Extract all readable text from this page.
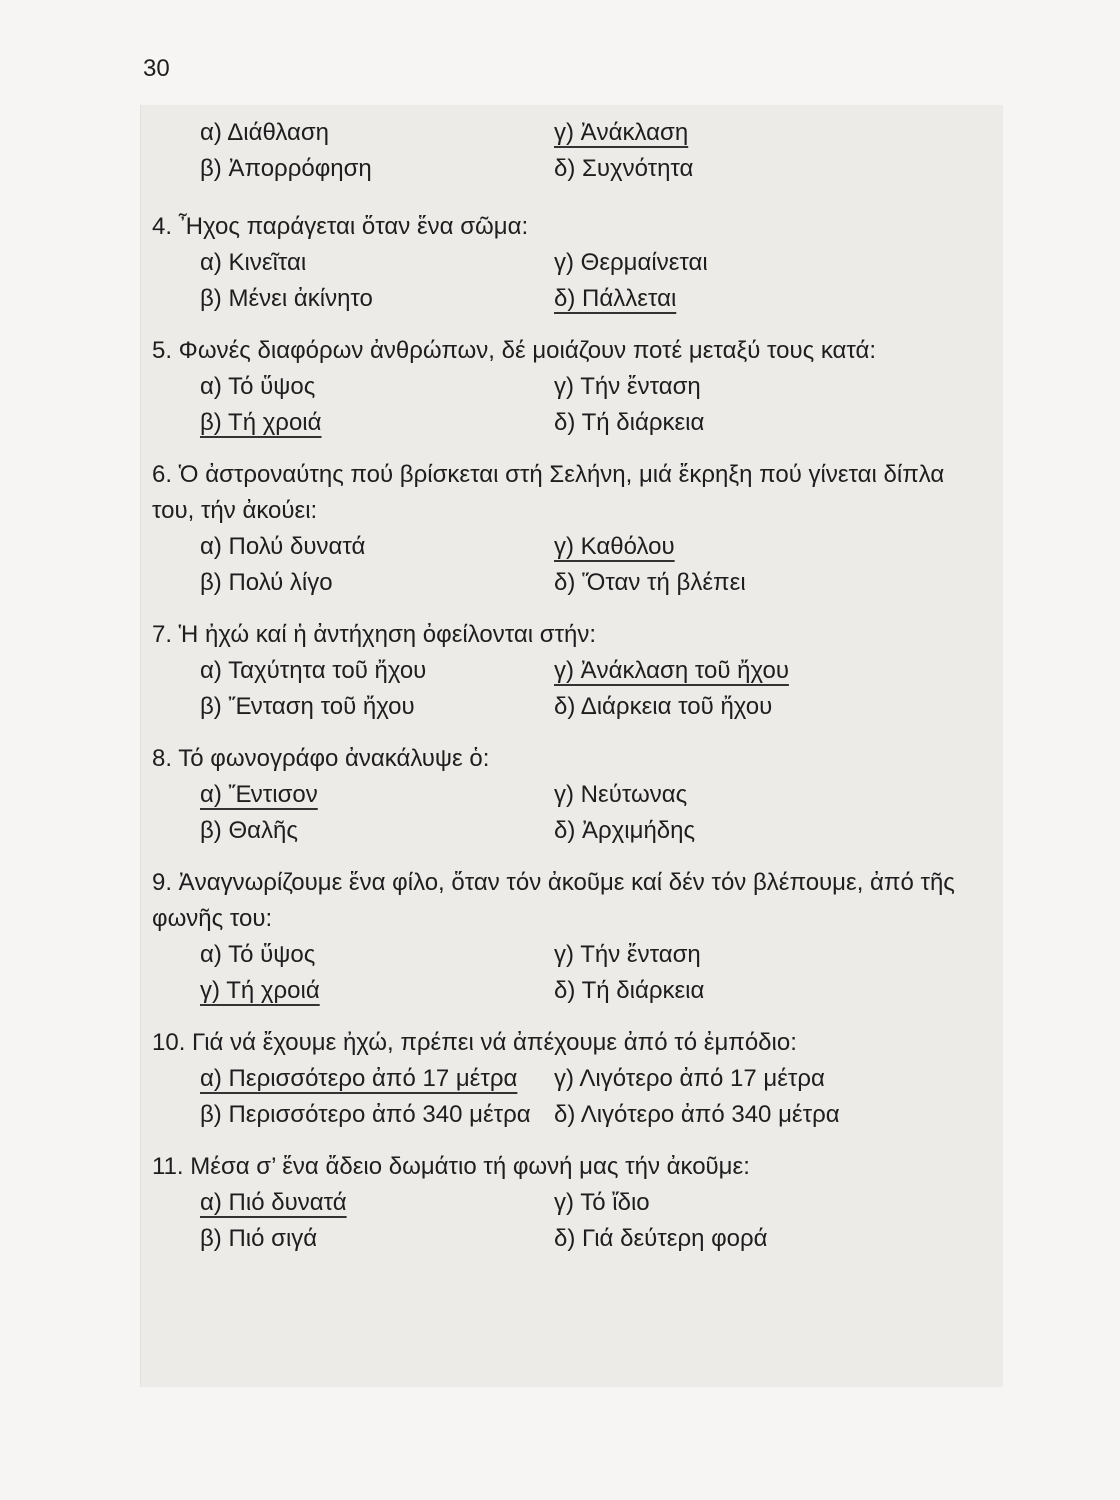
30
α) Διάθλαση	γ) Ἀνάκλαση
β) Ἀπορρόφηση	δ) Συχνότητα
4. Ἦχος παράγεται ὅταν ἕνα σῶμα:
α) Κινεῖται	γ) Θερμαίνεται
β) Μένει ἀκίνητο	δ) Πάλλεται
5. Φωνές διαφόρων ἀνθρώπων, δέ μοιάζουν ποτέ μεταξύ τους κατά:
α) Τό ὕψος	γ) Τήν ἔνταση
β) Τή χροιά	δ) Τή διάρκεια
6. Ὁ ἀστροναύτης πού βρίσκεται στή Σελήνη, μιά ἔκρηξη πού γίνεται δίπλα του, τήν ἀκούει:
α) Πολύ δυνατά	γ) Καθόλου
β) Πολύ λίγο	δ) Ὅταν τή βλέπει
7. Ἡ ἠχώ καί ἡ ἀντήχηση ὀφείλονται στήν:
α) Ταχύτητα τοῦ ἤχου	γ) Ἀνάκλαση τοῦ ἤχου
β) Ἔνταση τοῦ ἤχου	δ) Διάρκεια τοῦ ἤχου
8. Τό φωνογράφο ἀνακάλυψε ὁ:
α) Ἔντισον	γ) Νεύτωνας
β) Θαλῆς	δ) Ἀρχιμήδης
9. Ἀναγνωρίζουμε ἕνα φίλο, ὅταν τόν ἀκοῦμε καί δέν τόν βλέπουμε, ἀπό τῆς φωνῆς του:
α) Τό ὕψος	γ) Τήν ἔνταση
γ) Τή χροιά	δ) Τή διάρκεια
10. Γιά νά ἔχουμε ἠχώ, πρέπει νά ἀπέχουμε ἀπό τό ἐμπόδιο:
α) Περισσότερο ἀπό 17 μέτρα	γ) Λιγότερο ἀπό 17 μέτρα
β) Περισσότερο ἀπό 340 μέτρα δ) Λιγότερο ἀπό 340 μέτρα
11. Μέσα σ’ ἕνα ἄδειο δωμάτιο τή φωνή μας τήν ἀκοῦμε:
α) Πιό δυνατά	γ) Τό ἴδιο
β) Πιό σιγά	δ) Γιά δεύτερη φορά
